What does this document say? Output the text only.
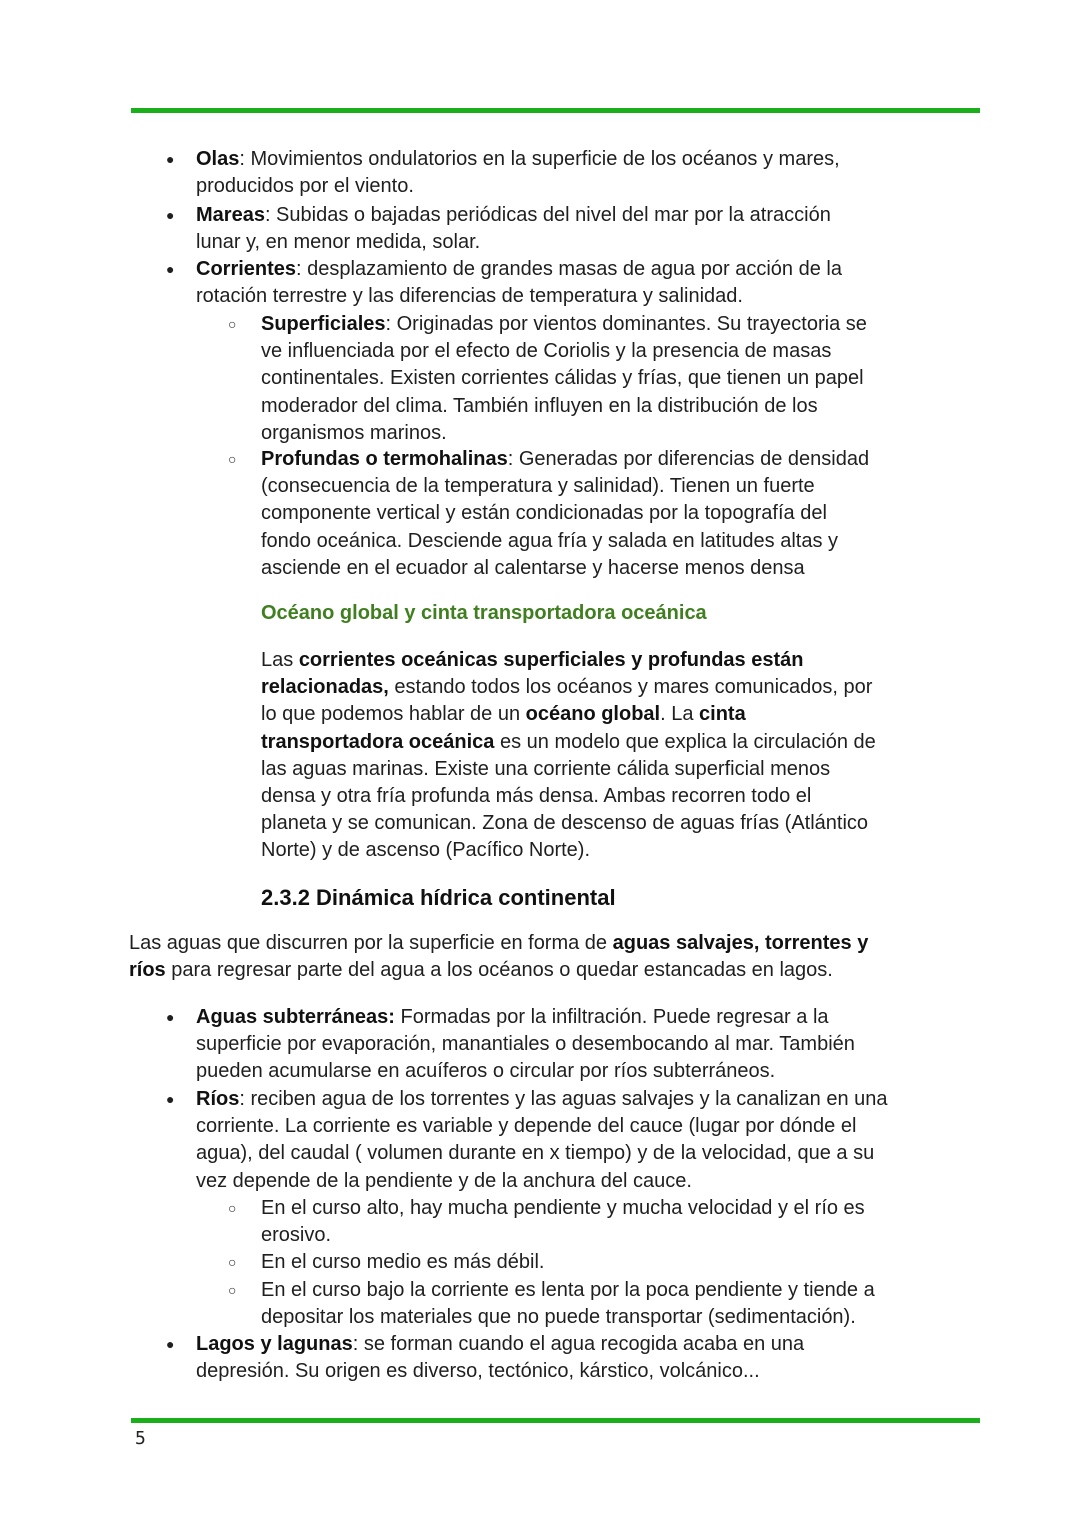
● Olas: Movimientos ondulatorios en la superficie de los océanos y mares,
producidos por el viento.
● Mareas: Subidas o bajadas periódicas del nivel del mar por la atracción
lunar y, en menor medida, solar.
● Corrientes: desplazamiento de grandes masas de agua por acción de la
rotación terrestre y las diferencias de temperatura y salinidad.
○ Superficiales: Originadas por vientos dominantes. Su trayectoria se
ve influenciada por el efecto de Coriolis y la presencia de masas
continentales. Existen corrientes cálidas y frías, que tienen un papel
moderador del clima. También influyen en la distribución de los
organismos marinos.
○ Profundas o termohalinas: Generadas por diferencias de densidad
(consecuencia de la temperatura y salinidad). Tienen un fuerte
componente vertical y están condicionadas por la topografía del
fondo oceánica. Desciende agua fría y salada en latitudes altas y
asciende en el ecuador al calentarse y hacerse menos densa
Océano global y cinta transportadora oceánica
Las corrientes oceánicas superficiales y profundas están
relacionadas, estando todos los océanos y mares comunicados, por
lo que podemos hablar de un océano global. La cinta
transportadora oceánica es un modelo que explica la circulación de
las aguas marinas. Existe una corriente cálida superficial menos
densa y otra fría profunda más densa. Ambas recorren todo el
planeta y se comunican. Zona de descenso de aguas frías (Atlántico
Norte) y de ascenso (Pacífico Norte).
2.3.2 Dinámica hídrica continental
Las aguas que discurren por la superficie en forma de aguas salvajes, torrentes y
ríos para regresar parte del agua a los océanos o quedar estancadas en lagos.
● Aguas subterráneas: Formadas por la infiltración. Puede regresar a la
superficie por evaporación, manantiales o desembocando al mar. También
pueden acumularse en acuíferos o circular por ríos subterráneos.
● Ríos: reciben agua de los torrentes y las aguas salvajes y la canalizan en una
corriente. La corriente es variable y depende del cauce (lugar por dónde el
agua), del caudal ( volumen durante en x tiempo) y de la velocidad, que a su
vez depende de la pendiente y de la anchura del cauce.
○ En el curso alto, hay mucha pendiente y mucha velocidad y el río es
erosivo.
○ En el curso medio es más débil.
○ En el curso bajo la corriente es lenta por la poca pendiente y tiende a
depositar los materiales que no puede transportar (sedimentación).
● Lagos y lagunas: se forman cuando el agua recogida acaba en una
depresión. Su origen es diverso, tectónico, kárstico, volcánico...
5
